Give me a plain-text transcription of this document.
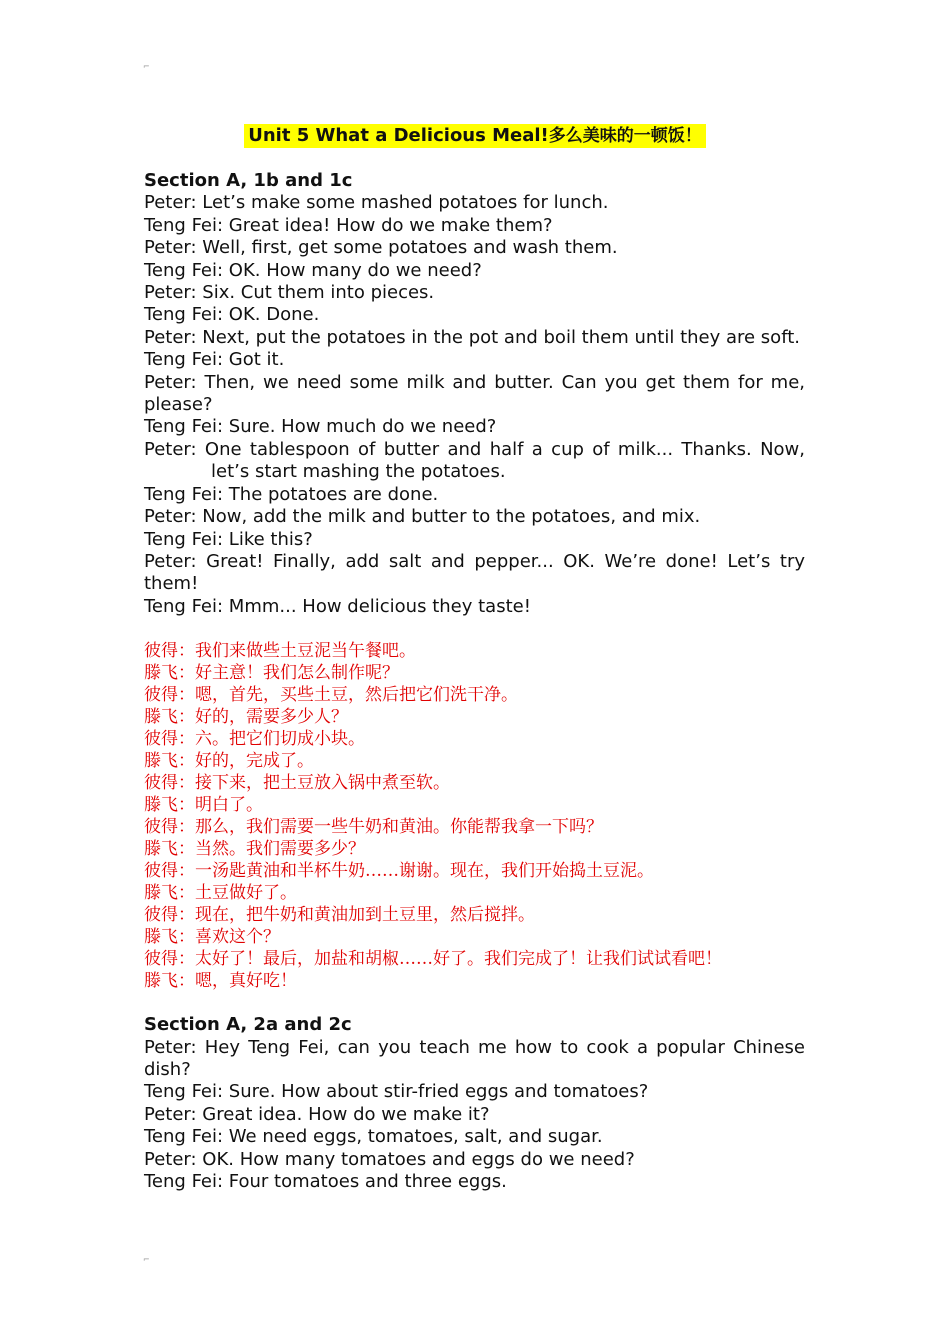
⌐
Unit 5 What a Delicious Meal!多么美味的一顿饭！

Section A, 1b and 1c

Peter: Let’s make some mashed potatoes for lunch.

Teng Fei: Great idea! How do we make them?

Peter: Well, first, get some potatoes and wash them.

Teng Fei: OK. How many do we need?

Peter: Six. Cut them into pieces.

Teng Fei: OK. Done.

Peter: Next, put the potatoes in the pot and boil them until they are soft.

Teng Fei: Got it.

Peter: Then, we need some milk and butter. Can you get them for me, please?

Teng Fei: Sure. How much do we need?

Peter: One tablespoon of butter and half a cup of milk... Thanks. Now, let’s start mashing the potatoes.

Teng Fei: The potatoes are done.

Peter: Now, add the milk and butter to the potatoes, and mix.

Teng Fei: Like this?

Peter: Great! Finally, add salt and pepper... OK. We’re done! Let’s try them!

Teng Fei: Mmm... How delicious they taste!

彼得：我们来做些土豆泥当午餐吧。

滕飞：好主意！我们怎么制作呢？

彼得：嗯，首先，买些土豆，然后把它们洗干净。

滕飞：好的，需要多少人？

彼得：六。把它们切成小块。

滕飞：好的，完成了。

彼得：接下来，把土豆放入锅中煮至软。

滕飞：明白了。

彼得：那么，我们需要一些牛奶和黄油。你能帮我拿一下吗？

滕飞：当然。我们需要多少？

彼得：一汤匙黄油和半杯牛奶……谢谢。现在，我们开始捣土豆泥。

滕飞：土豆做好了。

彼得：现在，把牛奶和黄油加到土豆里，然后搅拌。

滕飞：喜欢这个？

彼得：太好了！最后，加盐和胡椒……好了。我们完成了！让我们试试看吧！

滕飞：嗯，真好吃！

Section A, 2a and 2c

Peter: Hey Teng Fei, can you teach me how to cook a popular Chinese dish?

Teng Fei: Sure. How about stir-fried eggs and tomatoes?

Peter: Great idea. How do we make it?

Teng Fei: We need eggs, tomatoes, salt, and sugar.

Peter: OK. How many tomatoes and eggs do we need?

Teng Fei: Four tomatoes and three eggs.

⌐
